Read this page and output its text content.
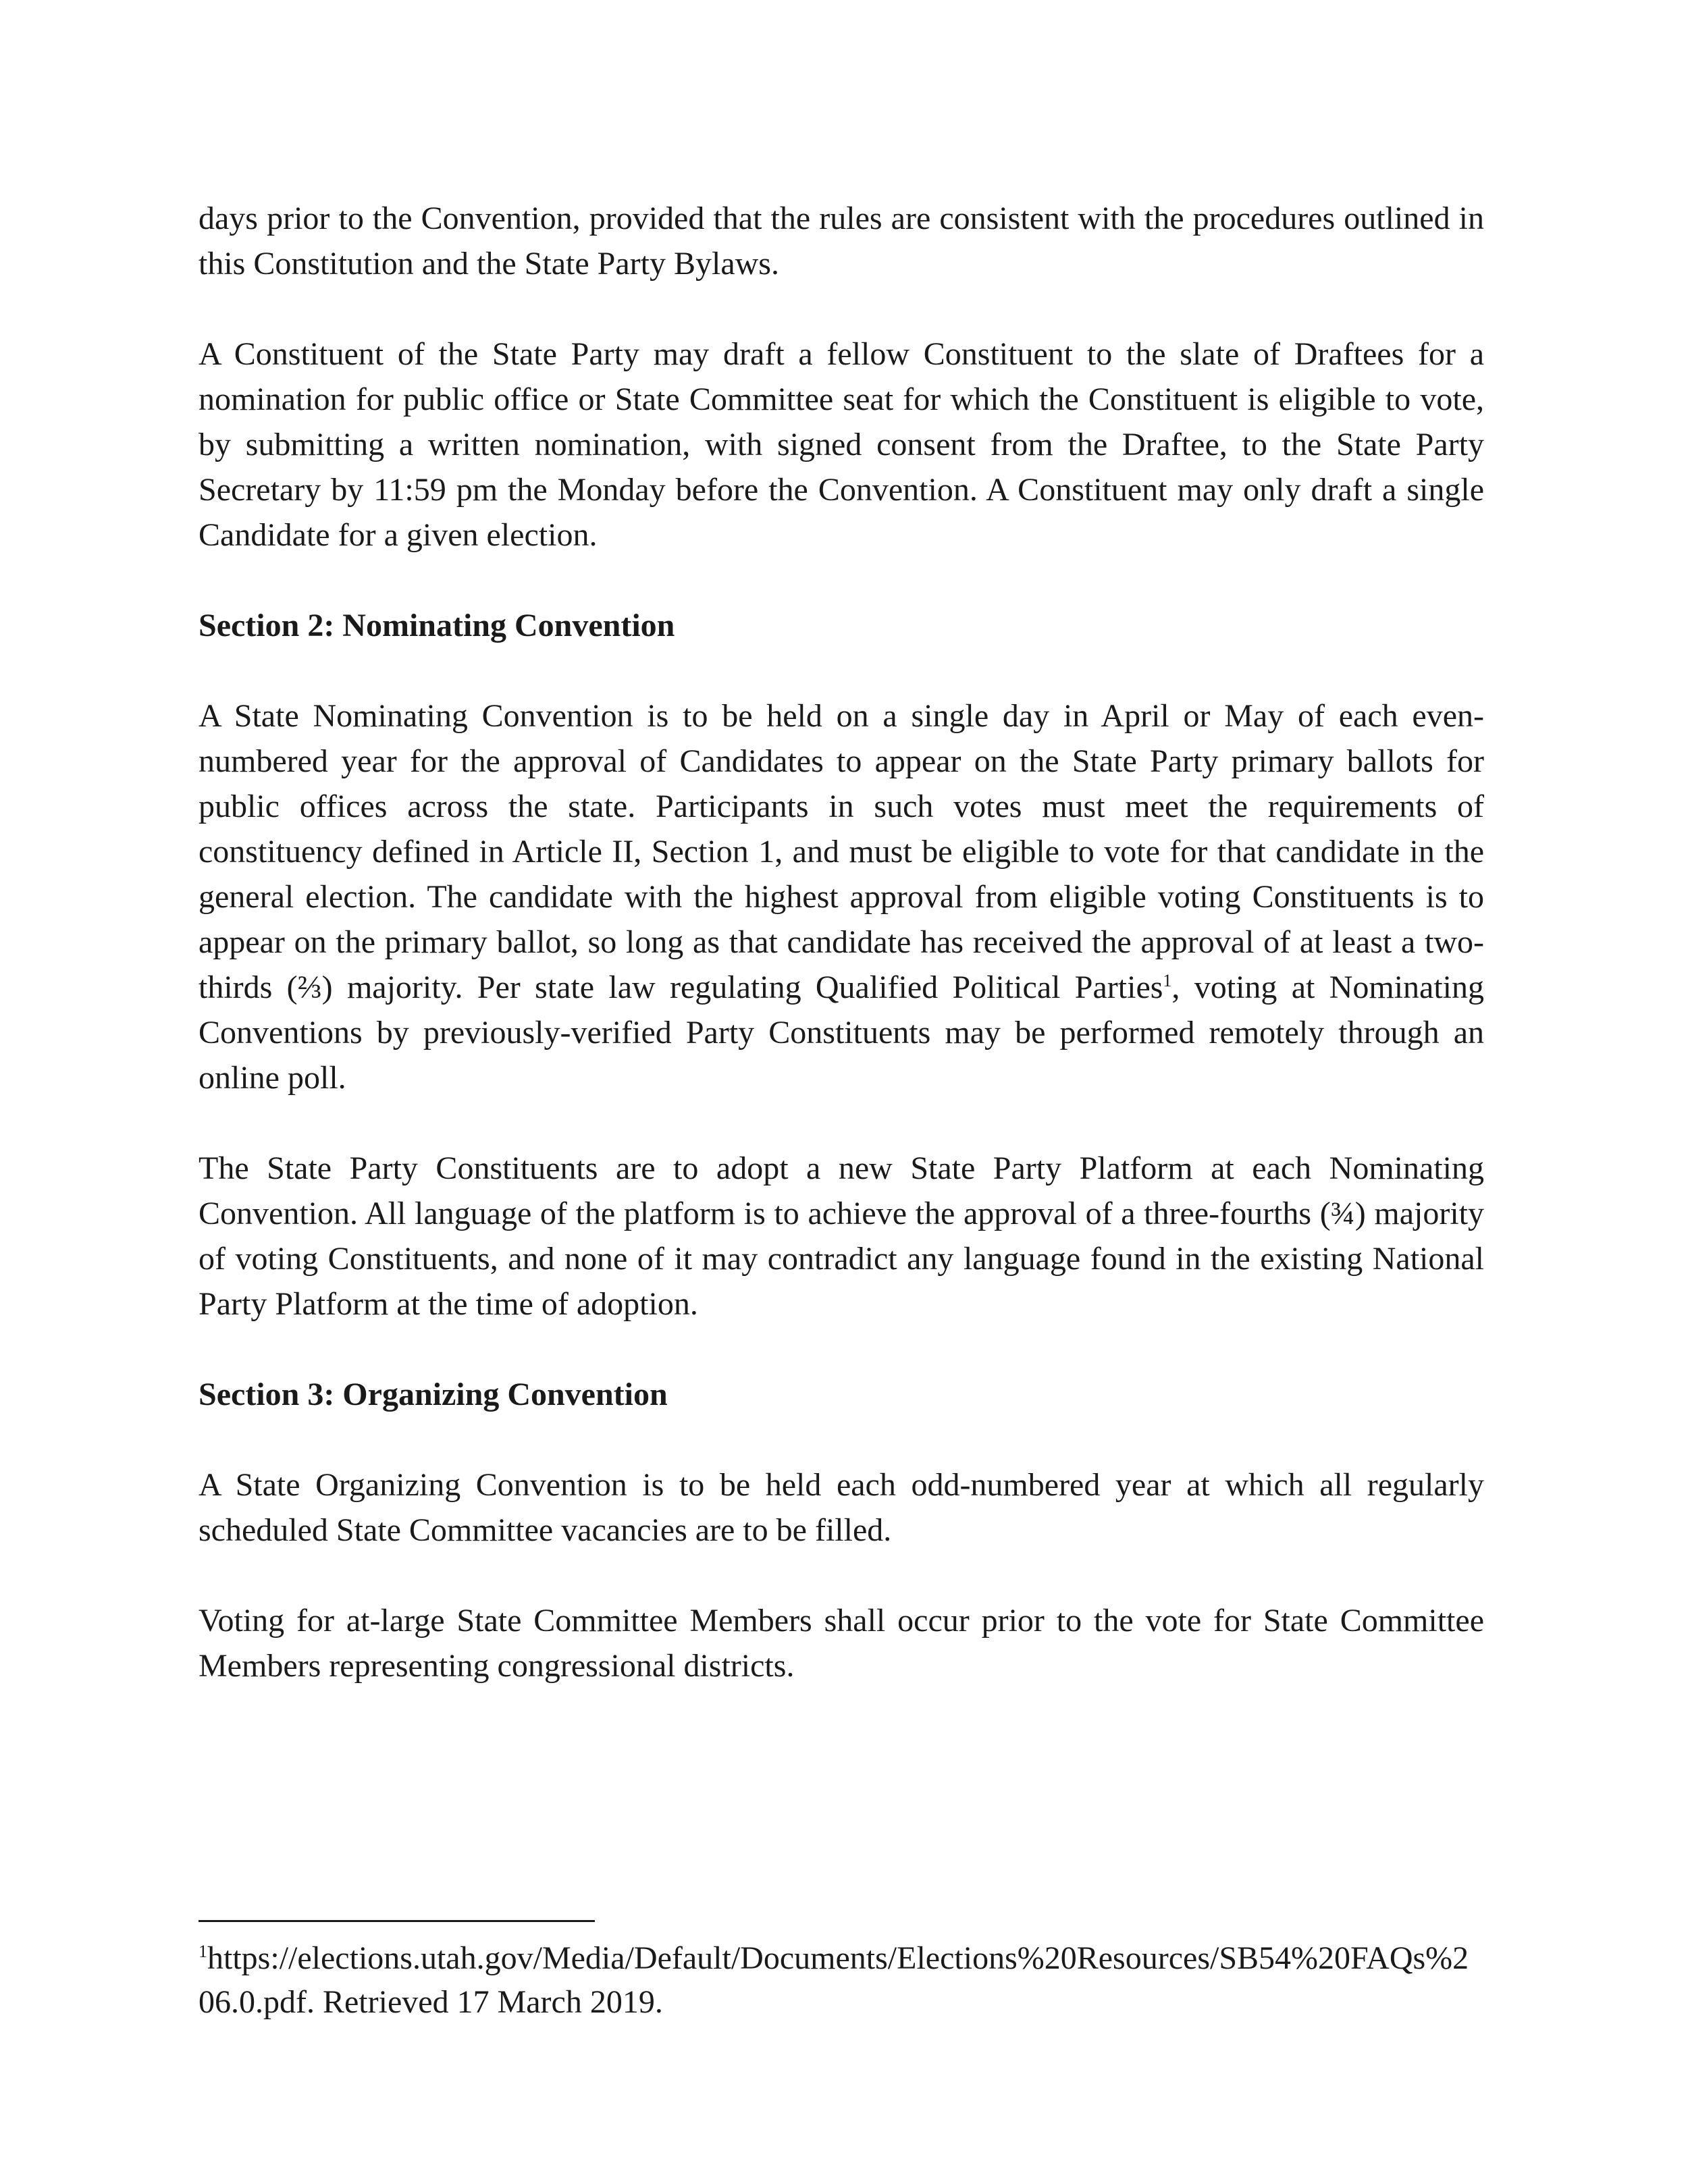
days prior to the Convention, provided that the rules are consistent with the procedures outlined in this Constitution and the State Party Bylaws.

A Constituent of the State Party may draft a fellow Constituent to the slate of Draftees for a nomination for public office or State Committee seat for which the Constituent is eligible to vote, by submitting a written nomination, with signed consent from the Draftee, to the State Party Secretary by 11:59 pm the Monday before the Convention. A Constituent may only draft a single Candidate for a given election.

Section 2: Nominating Convention

A State Nominating Convention is to be held on a single day in April or May of each even-numbered year for the approval of Candidates to appear on the State Party primary ballots for public offices across the state. Participants in such votes must meet the requirements of constituency defined in Article II, Section 1, and must be eligible to vote for that candidate in the general election. The candidate with the highest approval from eligible voting Constituents is to appear on the primary ballot, so long as that candidate has received the approval of at least a two-thirds (⅔) majority. Per state law regulating Qualified Political Parties$^1$, voting at Nominating Conventions by previously-verified Party Constituents may be performed remotely through an online poll.

The State Party Constituents are to adopt a new State Party Platform at each Nominating Convention. All language of the platform is to achieve the approval of a three-fourths (¾) majority of voting Constituents, and none of it may contradict any language found in the existing National Party Platform at the time of adoption.

Section 3: Organizing Convention

A State Organizing Convention is to be held each odd-numbered year at which all regularly scheduled State Committee vacancies are to be filled.

Voting for at-large State Committee Members shall occur prior to the vote for State Committee Members representing congressional districts.

$^1$https://elections.utah.gov/Media/Default/Documents/Elections%20Resources/SB54%20FAQs%206.0.pdf. Retrieved 17 March 2019.
